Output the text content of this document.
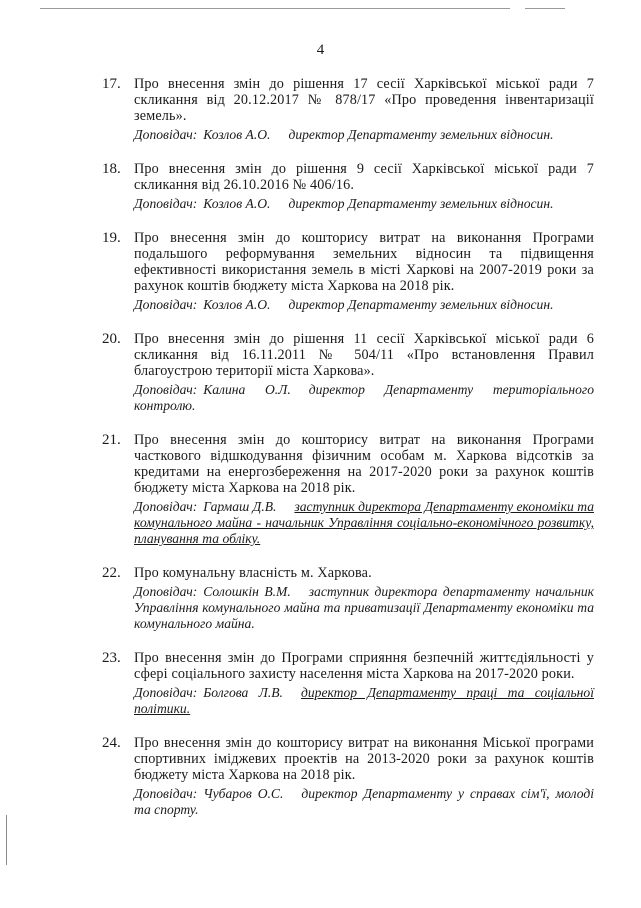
4
17. Про внесення змін до рішення 17 сесії Харківської міської ради 7 скликання від 20.12.2017 № 878/17 «Про проведення інвентаризації земель».
Доповідач: Козлов А.О. директор Департаменту земельних відносин.
18. Про внесення змін до рішення 9 сесії Харківської міської ради 7 скликання від 26.10.2016 № 406/16.
Доповідач: Козлов А.О. директор Департаменту земельних відносин.
19. Про внесення змін до кошторису витрат на виконання Програми подальшого реформування земельних відносин та підвищення ефективності використання земель в місті Харкові на 2007-2019 роки за рахунок коштів бюджету міста Харкова на 2018 рік.
Доповідач: Козлов А.О. директор Департаменту земельних відносин.
20. Про внесення змін до рішення 11 сесії Харківської міської ради 6 скликання від 16.11.2011 № 504/11 «Про встановлення Правил благоустрою території міста Харкова».
Доповідач: Калина О.Л. директор Департаменту територіального контролю.
21. Про внесення змін до кошторису витрат на виконання Програми часткового відшкодування фізичним особам м. Харкова відсотків за кредитами на енергозбереження на 2017-2020 роки за рахунок коштів бюджету міста Харкова на 2018 рік.
Доповідач: Гармаш Д.В. заступник директора Департаменту економіки та комунального майна - начальник Управління соціально-економічного розвитку, планування та обліку.
22. Про комунальну власність м. Харкова.
Доповідач: Солошкін В.М. заступник директора департаменту начальник Управління комунального майна та приватизації Департаменту економіки та комунального майна.
23. Про внесення змін до Програми сприяння безпечній життєдіяльності у сфері соціального захисту населення міста Харкова на 2017-2020 роки.
Доповідач: Болгова Л.В. директор Департаменту праці та соціальної політики.
24. Про внесення змін до кошторису витрат на виконання Міської програми спортивних іміджевих проектів на 2013-2020 роки за рахунок коштів бюджету міста Харкова на 2018 рік.
Доповідач: Чубаров О.С. директор Департаменту у справах сім'ї, молоді та спорту.
